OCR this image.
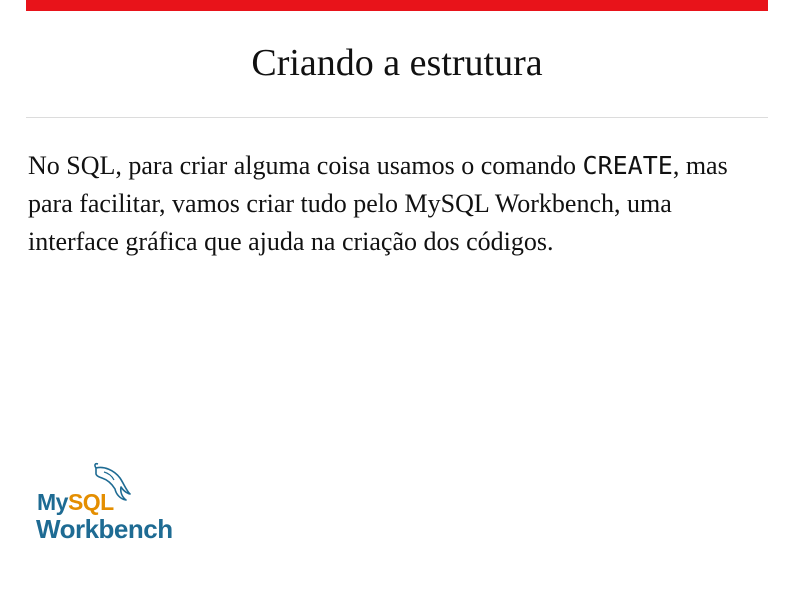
Criando a estrutura

No SQL, para criar alguma coisa usamos o comando CREATE, mas para facilitar, vamos criar tudo pelo MySQL Workbench, uma interface gráfica que ajuda na criação dos códigos.

MySQL
Workbench
